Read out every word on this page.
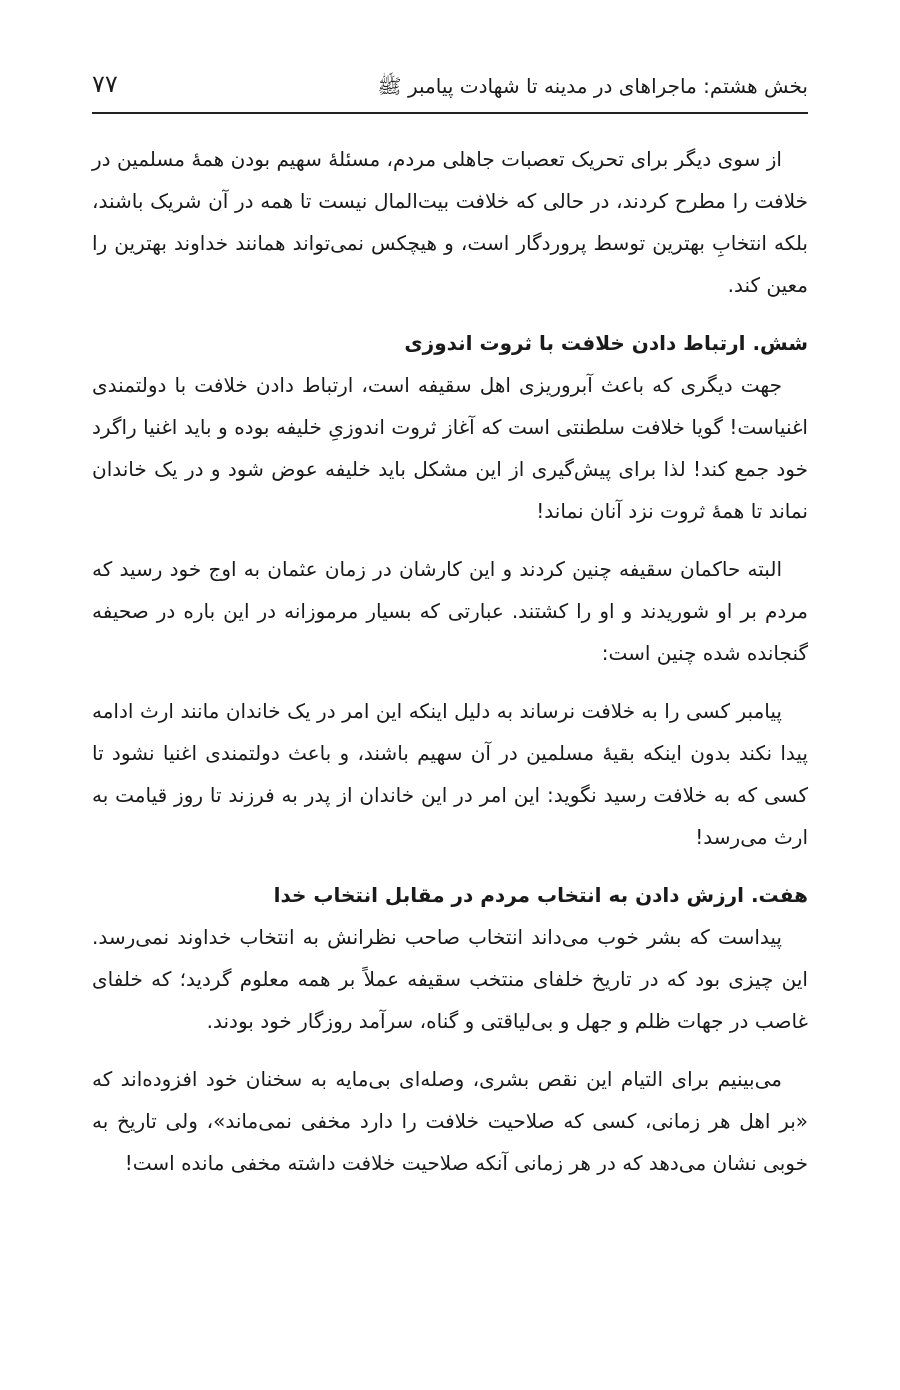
بخش هشتم: ماجراهای در مدینه تا شهادت پیامبر ﷺ
۷۷

از سوی دیگر برای تحریک تعصبات جاهلی مردم، مسئلهٔ سهیم بودن همهٔ مسلمین در خلافت را مطرح کردند، در حالی که خلافت بیت‌المال نیست تا همه در آن شریک باشند، بلکه انتخابِ بهترین توسط پروردگار است، و هیچکس نمی‌تواند همانند خداوند بهترین را معین کند.

شش. ارتباط دادن خلافت با ثروت اندوزی

جهت دیگری که باعث آبروریزی اهل سقیفه است، ارتباط دادن خلافت با دولتمندی اغنیاست! گویا خلافت سلطنتی است که آغاز ثروت اندوزیِ خلیفه بوده و باید اغنیا راگرد خود جمع کند! لذا برای پیش‌گیری از این مشکل باید خلیفه عوض شود و در یک خاندان نماند تا همهٔ ثروت نزد آنان نماند!

البته حاکمان سقیفه چنین کردند و این کارشان در زمان عثمان به اوج خود رسید که مردم بر او شوریدند و او را کشتند. عبارتی که بسیار مرموزانه در این باره در صحیفه گنجانده شده چنین است:

پیامبر کسی را به خلافت نرساند به دلیل اینکه این امر در یک خاندان مانند ارث ادامه پیدا نکند بدون اینکه بقیهٔ مسلمین در آن سهیم باشند، و باعث دولتمندی اغنیا نشود تا کسی که به خلافت رسید نگوید: این امر در این خاندان از پدر به فرزند تا روز قیامت به ارث می‌رسد!

هفت. ارزش دادن به انتخاب مردم در مقابل انتخاب خدا

پیداست که بشر خوب می‌داند انتخاب صاحب نظرانش به انتخاب خداوند نمی‌رسد. این چیزی بود که در تاریخ خلفای منتخب سقیفه عملاً بر همه معلوم گردید؛ که خلفای غاصب در جهات ظلم و جهل و بی‌لیاقتی و گناه، سرآمد روزگار خود بودند.

می‌بینیم برای التیام این نقص بشری، وصله‌ای بی‌مایه به سخنان خود افزوده‌اند که «بر اهل هر زمانی، کسی که صلاحیت خلافت را دارد مخفی نمی‌ماند»، ولی تاریخ به خوبی نشان می‌دهد که در هر زمانی آنکه صلاحیت خلافت داشته مخفی مانده است!
